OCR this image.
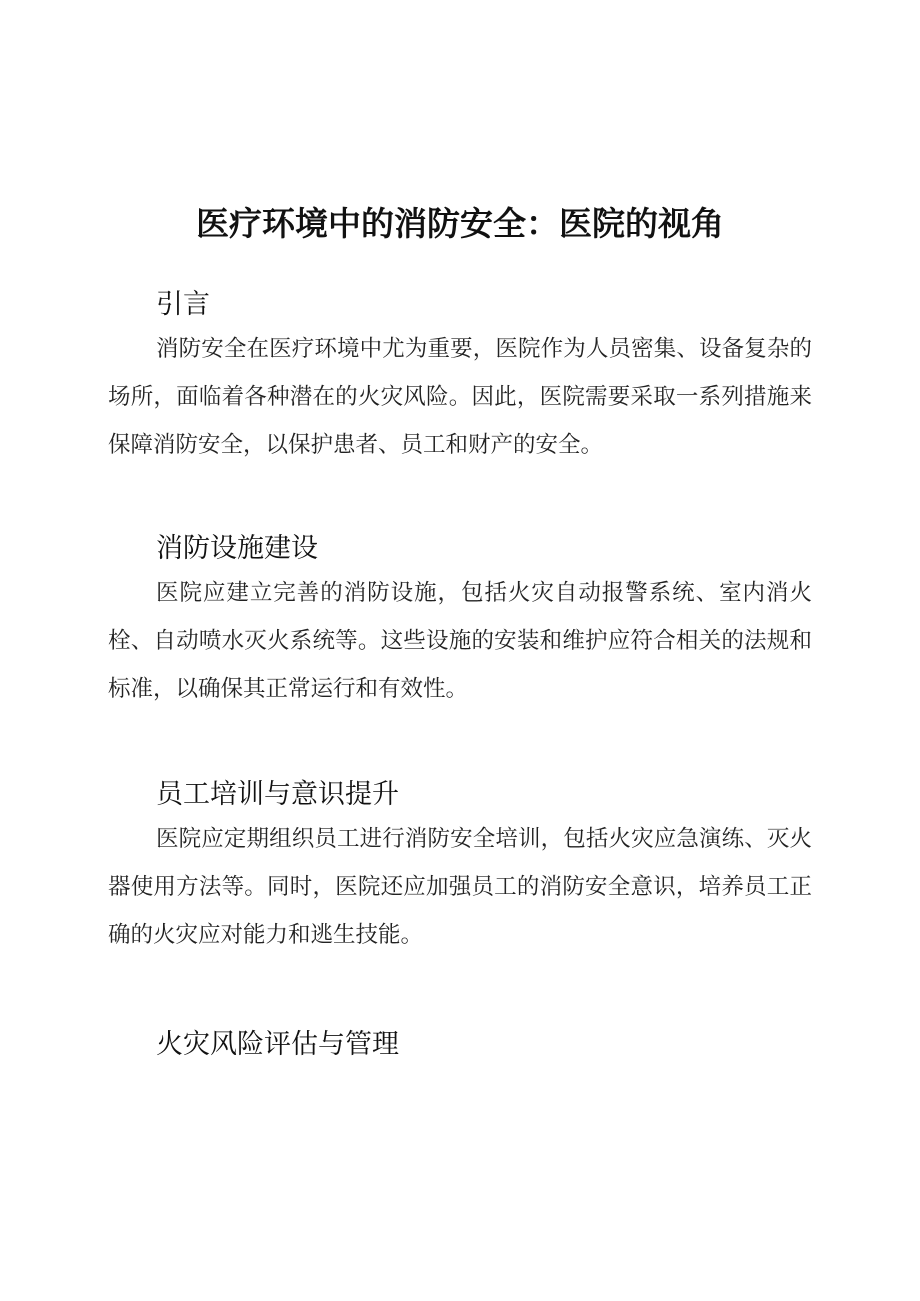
医疗环境中的消防安全：医院的视角
引言

消防安全在医疗环境中尤为重要，医院作为人员密集、设备复杂的场所，面临着各种潜在的火灾风险。因此，医院需要采取一系列措施来保障消防安全，以保护患者、员工和财产的安全。

消防设施建设

医院应建立完善的消防设施，包括火灾自动报警系统、室内消火栓、自动喷水灭火系统等。这些设施的安装和维护应符合相关的法规和标准，以确保其正常运行和有效性。

员工培训与意识提升

医院应定期组织员工进行消防安全培训，包括火灾应急演练、灭火器使用方法等。同时，医院还应加强员工的消防安全意识，培养员工正确的火灾应对能力和逃生技能。

火灾风险评估与管理
